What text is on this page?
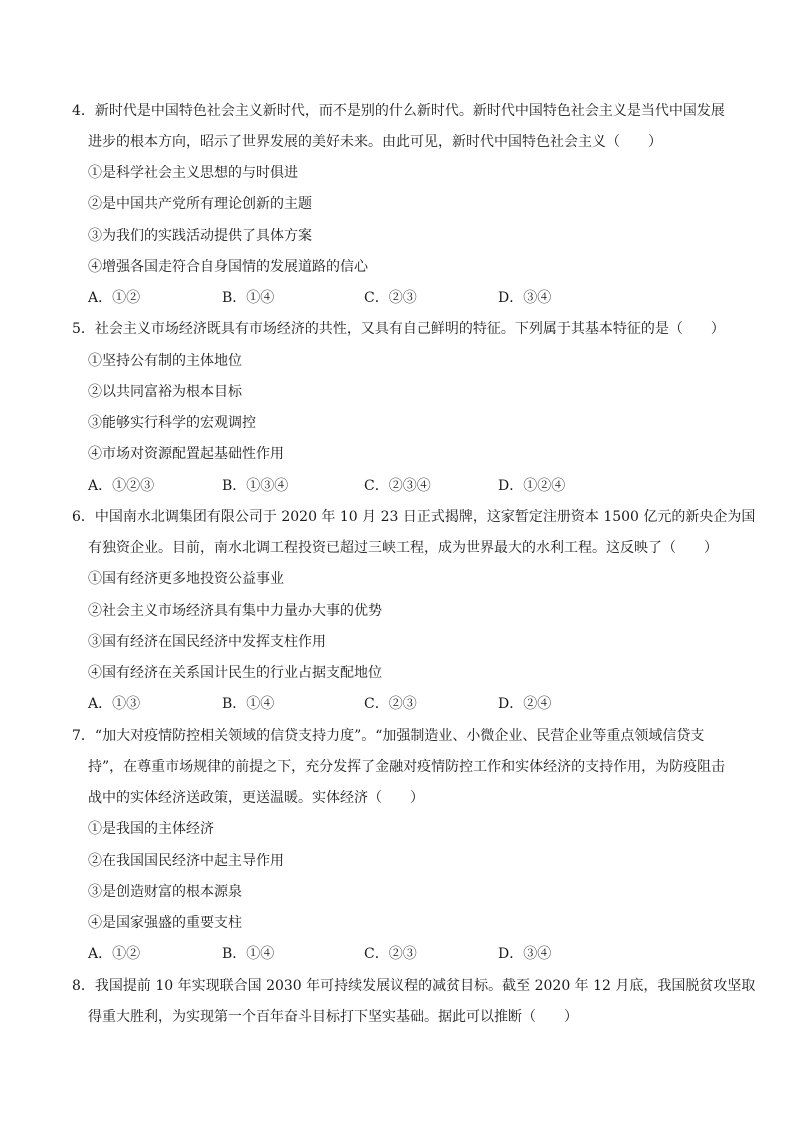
4．新时代是中国特色社会主义新时代，而不是别的什么新时代。新时代中国特色社会主义是当代中国发展
进步的根本方向，昭示了世界发展的美好未来。由此可见，新时代中国特色社会主义（　　）
①是科学社会主义思想的与时俱进
②是中国共产党所有理论创新的主题
③为我们的实践活动提供了具体方案
④增强各国走符合自身国情的发展道路的信心
A．①②	B．①④	C．②③	D．③④
5．社会主义市场经济既具有市场经济的共性，又具有自己鲜明的特征。下列属于其基本特征的是（　　）
①坚持公有制的主体地位
②以共同富裕为根本目标
③能够实行科学的宏观调控
④市场对资源配置起基础性作用
A．①②③	B．①③④	C．②③④	D．①②④
6．中国南水北调集团有限公司于 2020 年 10 月 23 日正式揭牌，这家暂定注册资本 1500 亿元的新央企为国
有独资企业。目前，南水北调工程投资已超过三峡工程，成为世界最大的水利工程。这反映了（　　）
①国有经济更多地投资公益事业
②社会主义市场经济具有集中力量办大事的优势
③国有经济在国民经济中发挥支柱作用
④国有经济在关系国计民生的行业占据支配地位
A．①③	B．①④	C．②③	D．②④
7．“加大对疫情防控相关领域的信贷支持力度”。“加强制造业、小微企业、民营企业等重点领域信贷支
持”，在尊重市场规律的前提之下，充分发挥了金融对疫情防控工作和实体经济的支持作用，为防疫阻击
战中的实体经济送政策，更送温暖。实体经济（　　）
①是我国的主体经济
②在我国国民经济中起主导作用
③是创造财富的根本源泉
④是国家强盛的重要支柱
A．①②	B．①④	C．②③	D．③④
8．我国提前 10 年实现联合国 2030 年可持续发展议程的减贫目标。截至 2020 年 12 月底，我国脱贫攻坚取
得重大胜利，为实现第一个百年奋斗目标打下坚实基础。据此可以推断（　　）
